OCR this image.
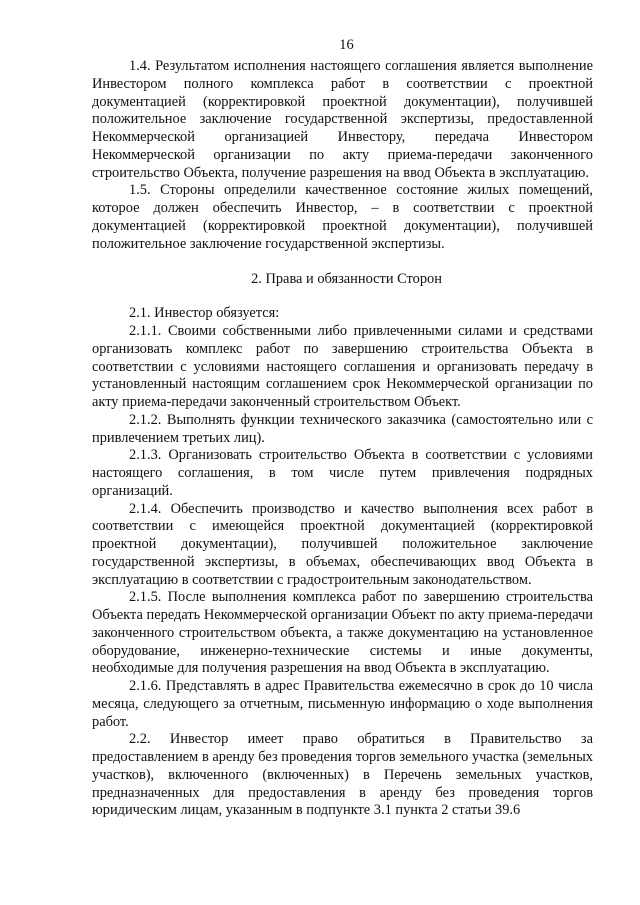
16

1.4. Результатом исполнения настоящего соглашения является выполнение Инвестором полного комплекса работ в соответствии с проектной документацией (корректировкой проектной документации), получившей положительное заключение государственной экспертизы, предоставленной Некоммерческой организацией Инвестору, передача Инвестором Некоммерческой организации по акту приема-передачи законченного строительство Объекта, получение разрешения на ввод Объекта в эксплуатацию.

1.5. Стороны определили качественное состояние жилых помещений, которое должен обеспечить Инвестор, – в соответствии с проектной документацией (корректировкой проектной документации), получившей положительное заключение государственной экспертизы.

2. Права и обязанности Сторон

2.1. Инвестор обязуется:

2.1.1. Своими собственными либо привлеченными силами и средствами организовать комплекс работ по завершению строительства Объекта в соответствии с условиями настоящего соглашения и организовать передачу в установленный настоящим соглашением срок Некоммерческой организации по акту приема-передачи законченный строительством Объект.

2.1.2. Выполнять функции технического заказчика (самостоятельно или с привлечением третьих лиц).

2.1.3. Организовать строительство Объекта в соответствии с условиями настоящего соглашения, в том числе путем привлечения подрядных организаций.

2.1.4. Обеспечить производство и качество выполнения всех работ в соответствии с имеющейся проектной документацией (корректировкой проектной документации), получившей положительное заключение государственной экспертизы, в объемах, обеспечивающих ввод Объекта в эксплуатацию в соответствии с градостроительным законодательством.

2.1.5. После выполнения комплекса работ по завершению строительства Объекта передать Некоммерческой организации Объект по акту приема-передачи законченного строительством объекта, а также документацию на установленное оборудование, инженерно-технические системы и иные документы, необходимые для получения разрешения на ввод Объекта в эксплуатацию.

2.1.6. Представлять в адрес Правительства ежемесячно в срок до 10 числа месяца, следующего за отчетным, письменную информацию о ходе выполнения работ.

2.2. Инвестор имеет право обратиться в Правительство за предоставлением в аренду без проведения торгов земельного участка (земельных участков), включенного (включенных) в Перечень земельных участков, предназначенных для предоставления в аренду без проведения торгов юридическим лицам, указанным в подпункте 3.1 пункта 2 статьи 39.6
